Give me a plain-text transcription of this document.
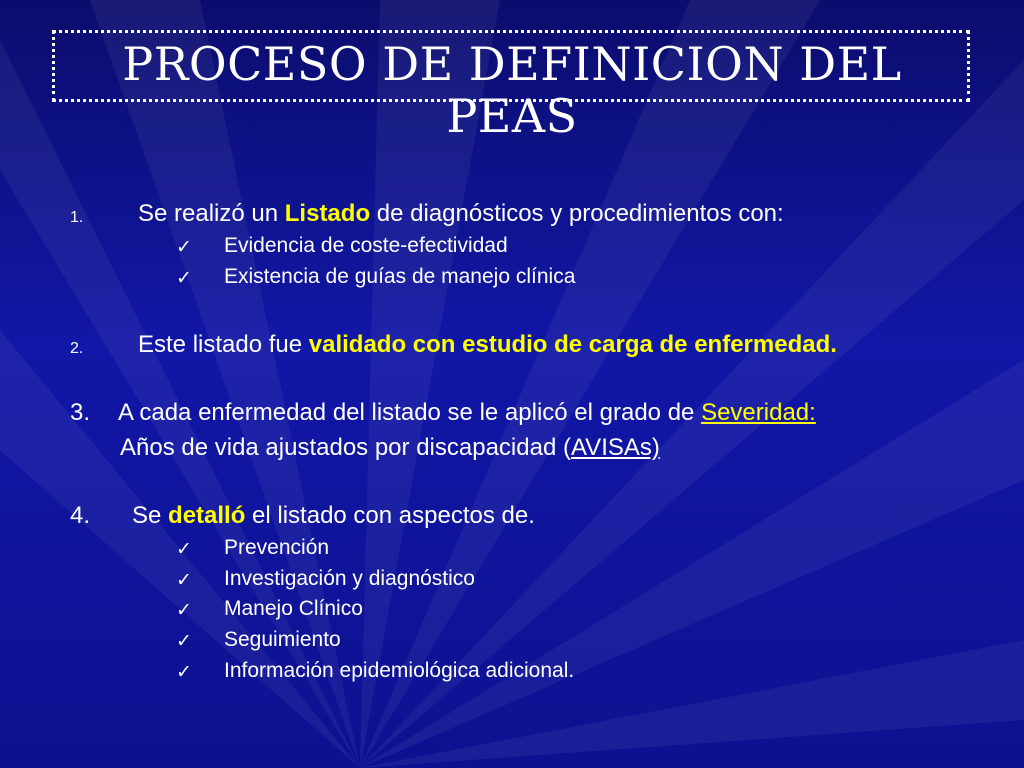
PROCESO DE DEFINICION DEL
PEAS
1. Se realizó un Listado de diagnósticos y procedimientos con:
✓ Evidencia de coste-efectividad
✓ Existencia de guías de manejo clínica
2. Este listado fue validado con estudio de carga de enfermedad.
3. A cada enfermedad del listado se le aplicó el grado de Severidad:
Años de vida ajustados por discapacidad (AVISAs)
4. Se detalló el listado con aspectos de.
✓ Prevención
✓ Investigación y diagnóstico
✓ Manejo Clínico
✓ Seguimiento
✓ Información epidemiológica adicional.
